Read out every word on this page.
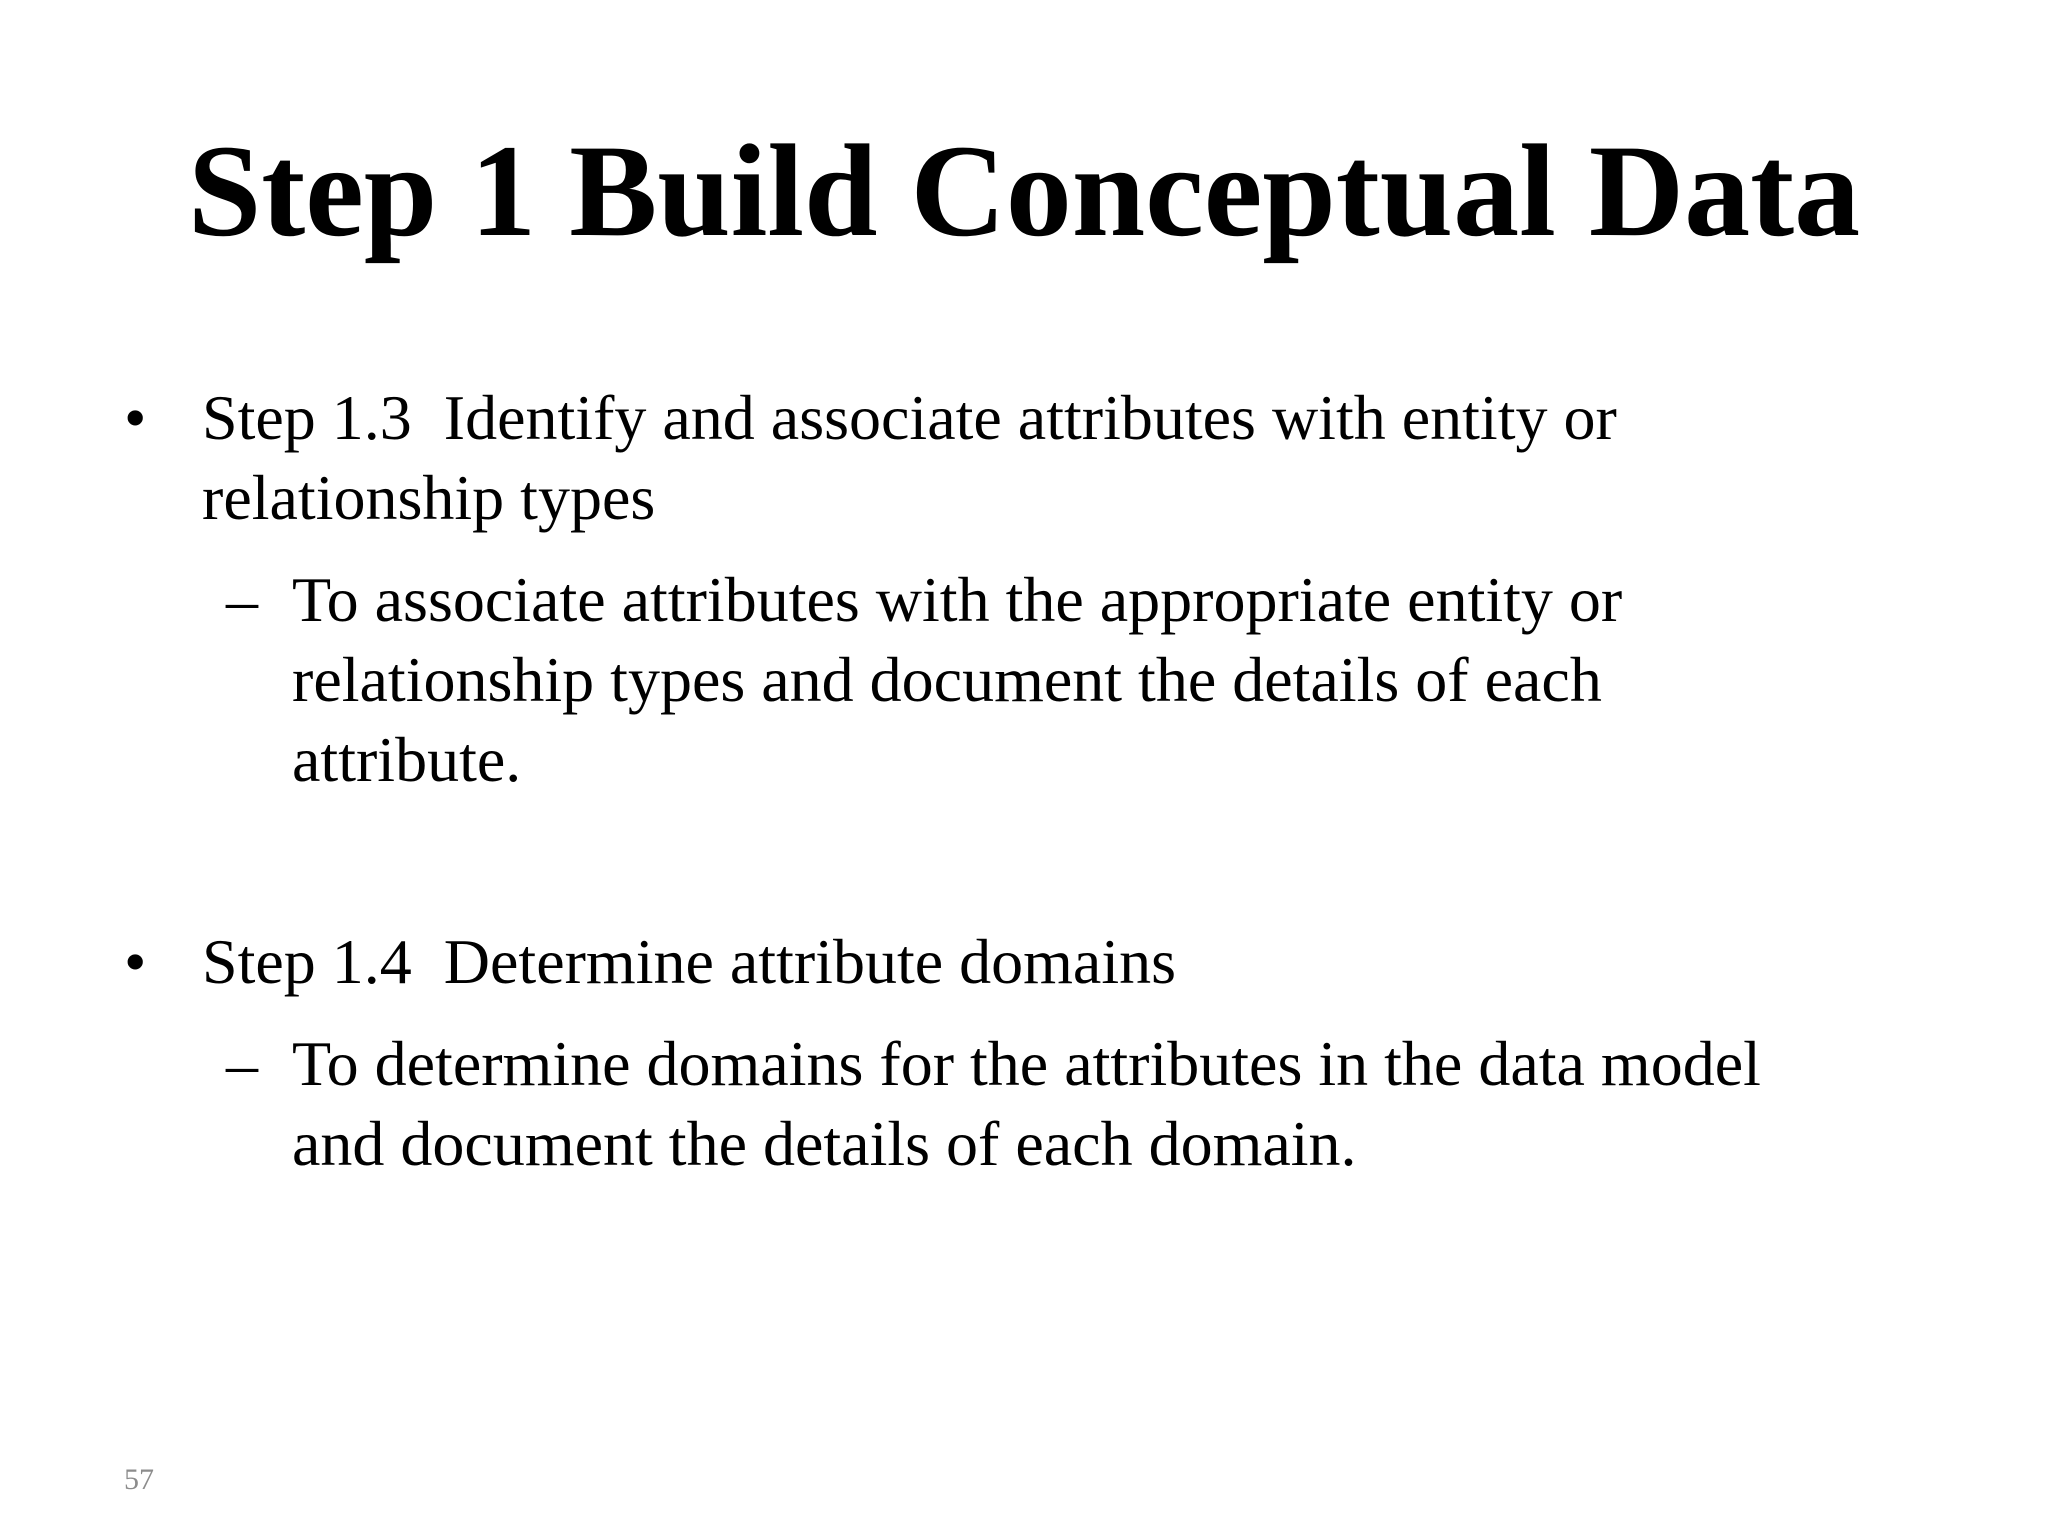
Step 1 Build Conceptual Data
• Step 1.3  Identify and associate attributes with entity or
relationship types
– To associate attributes with the appropriate entity or
relationship types and document the details of each
attribute.
• Step 1.4  Determine attribute domains
– To determine domains for the attributes in the data model
and document the details of each domain.
57
